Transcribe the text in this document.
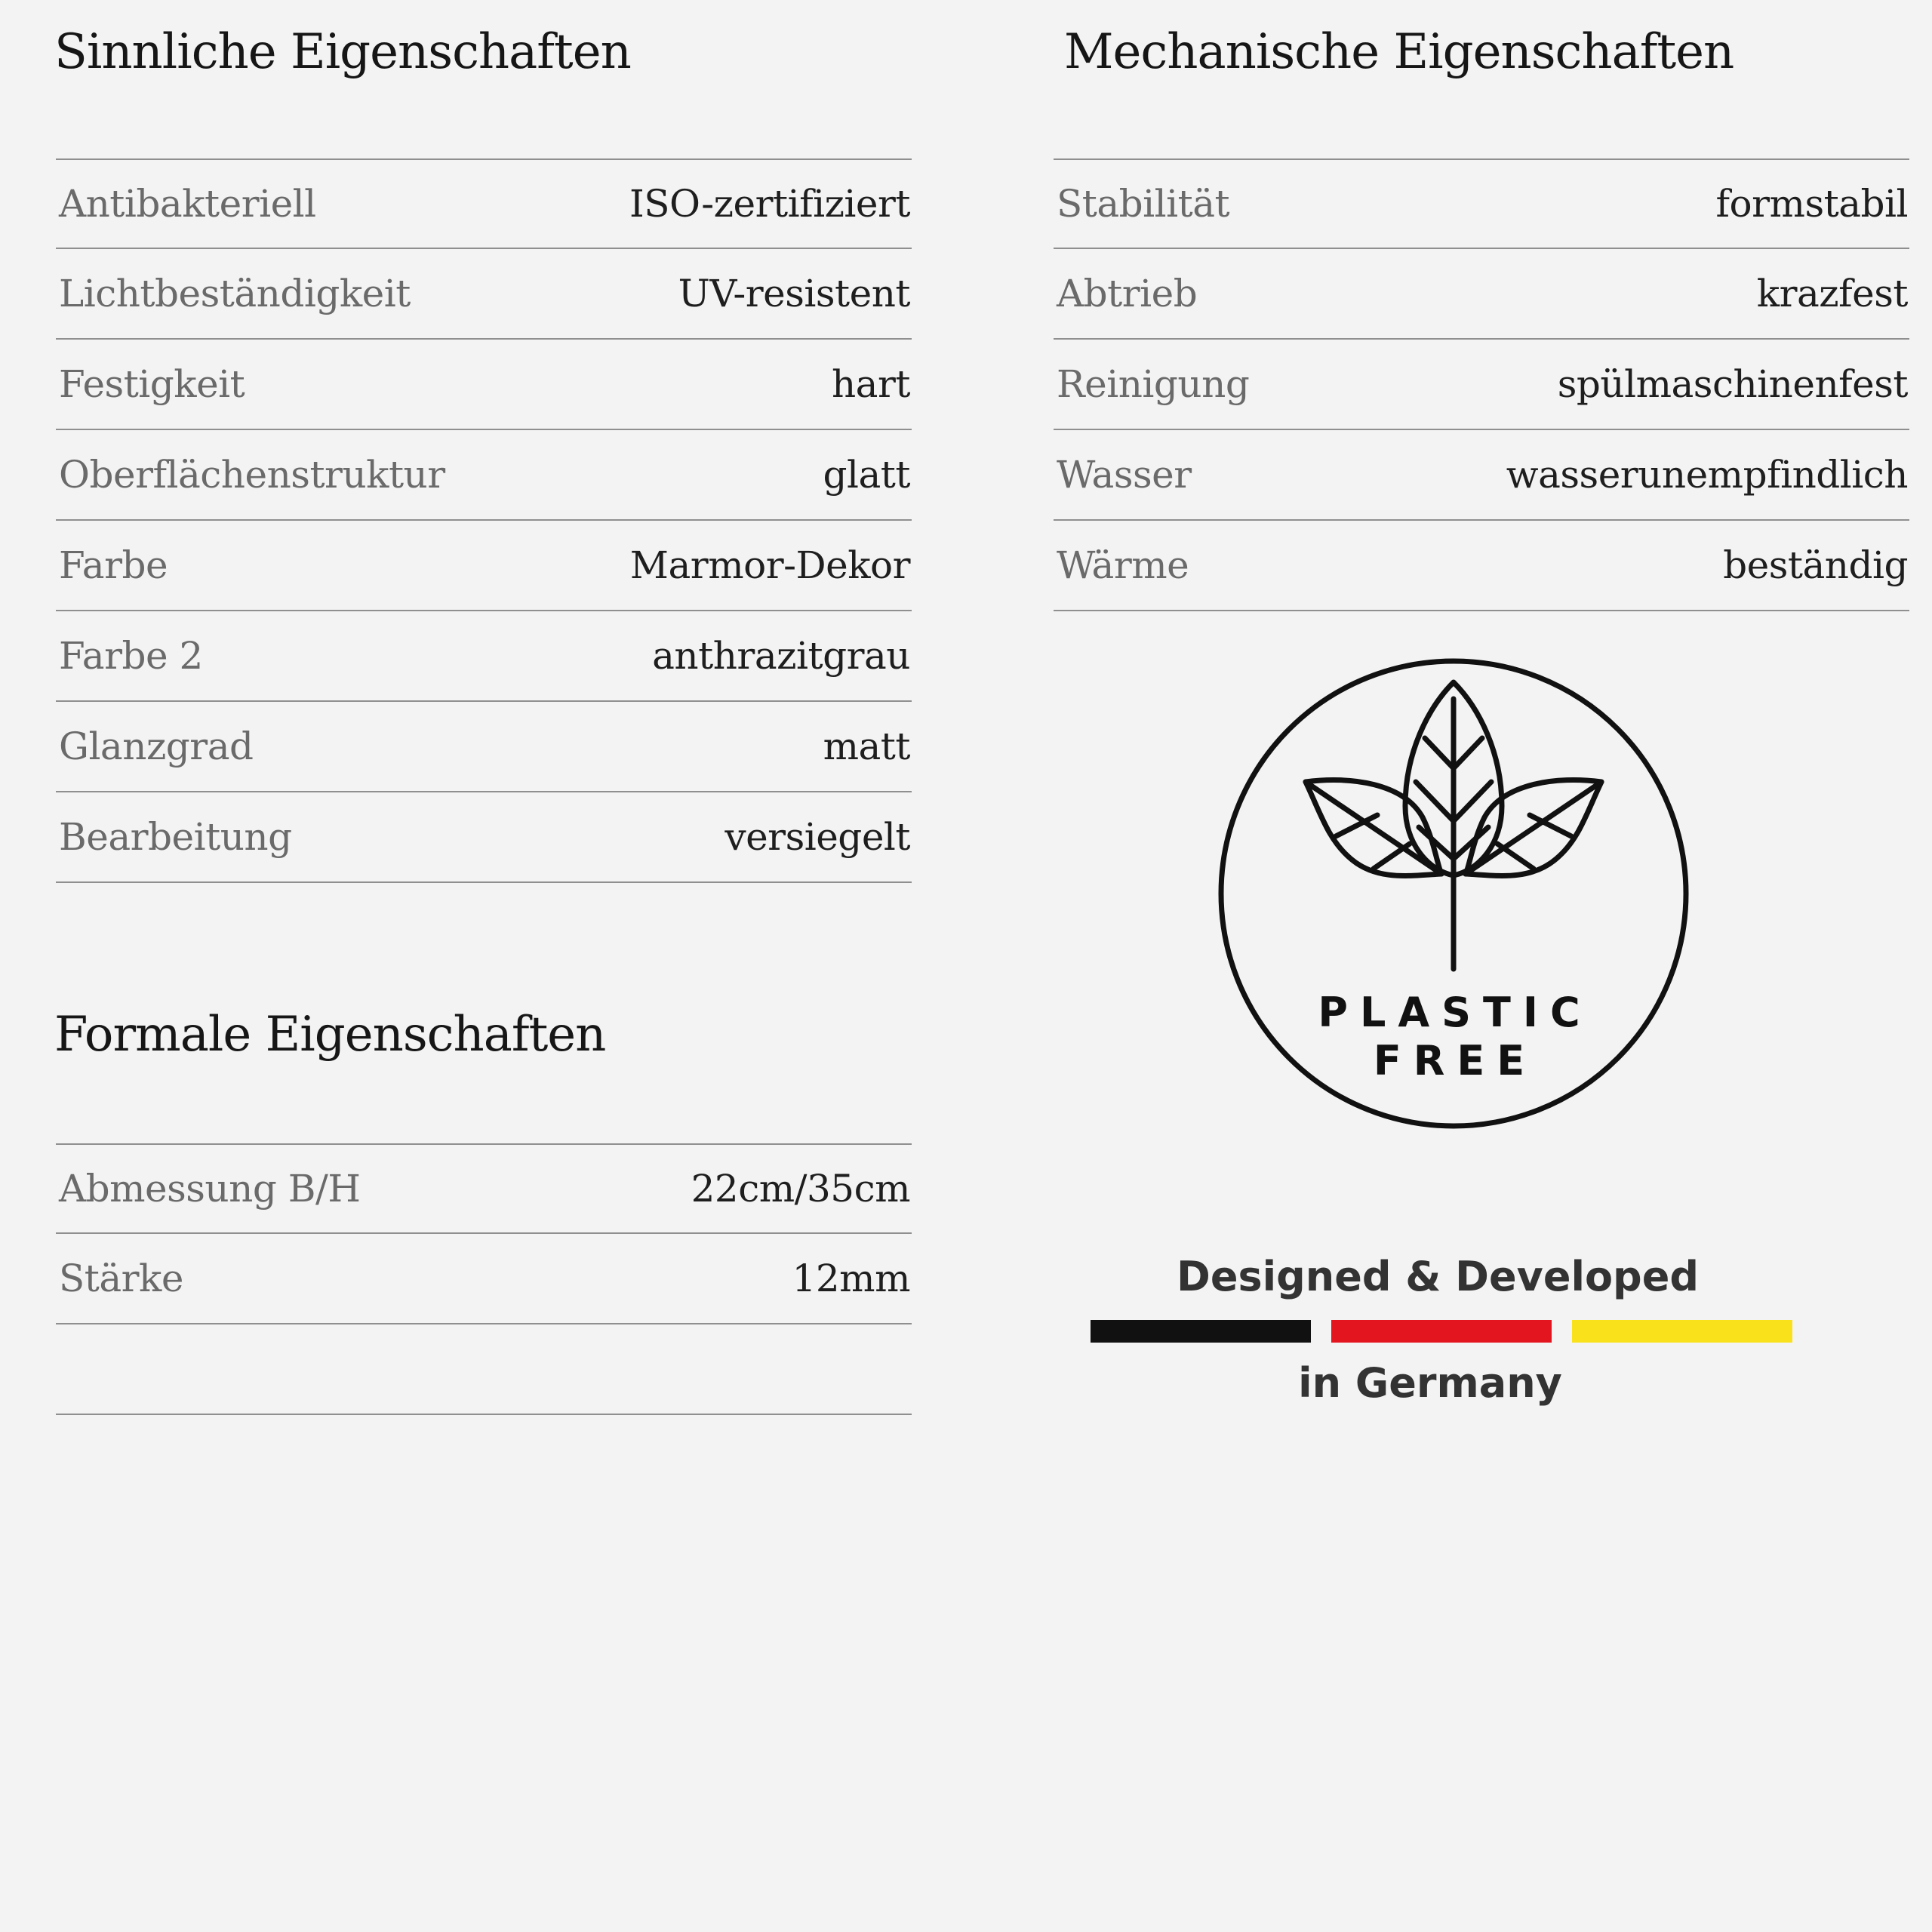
Sinnliche Eigenschaften
Antibakteriell	ISO-zertifiziert
Lichtbeständigkeit	UV-resistent
Festigkeit	hart
Oberflächenstruktur	glatt
Farbe	Marmor-Dekor
Farbe 2	anthrazitgrau
Glanzgrad	matt
Bearbeitung	versiegelt
Mechanische Eigenschaften
Stabilität	formstabil
Abtrieb	krazfest
Reinigung	spülmaschinenfest
Wasser	wasserunempfindlich
Wärme	beständig
Formale Eigenschaften
Abmessung B/H	22cm/35cm
Stärke	12mm
PLASTIC
FREE
Designed & Developed
in Germany
